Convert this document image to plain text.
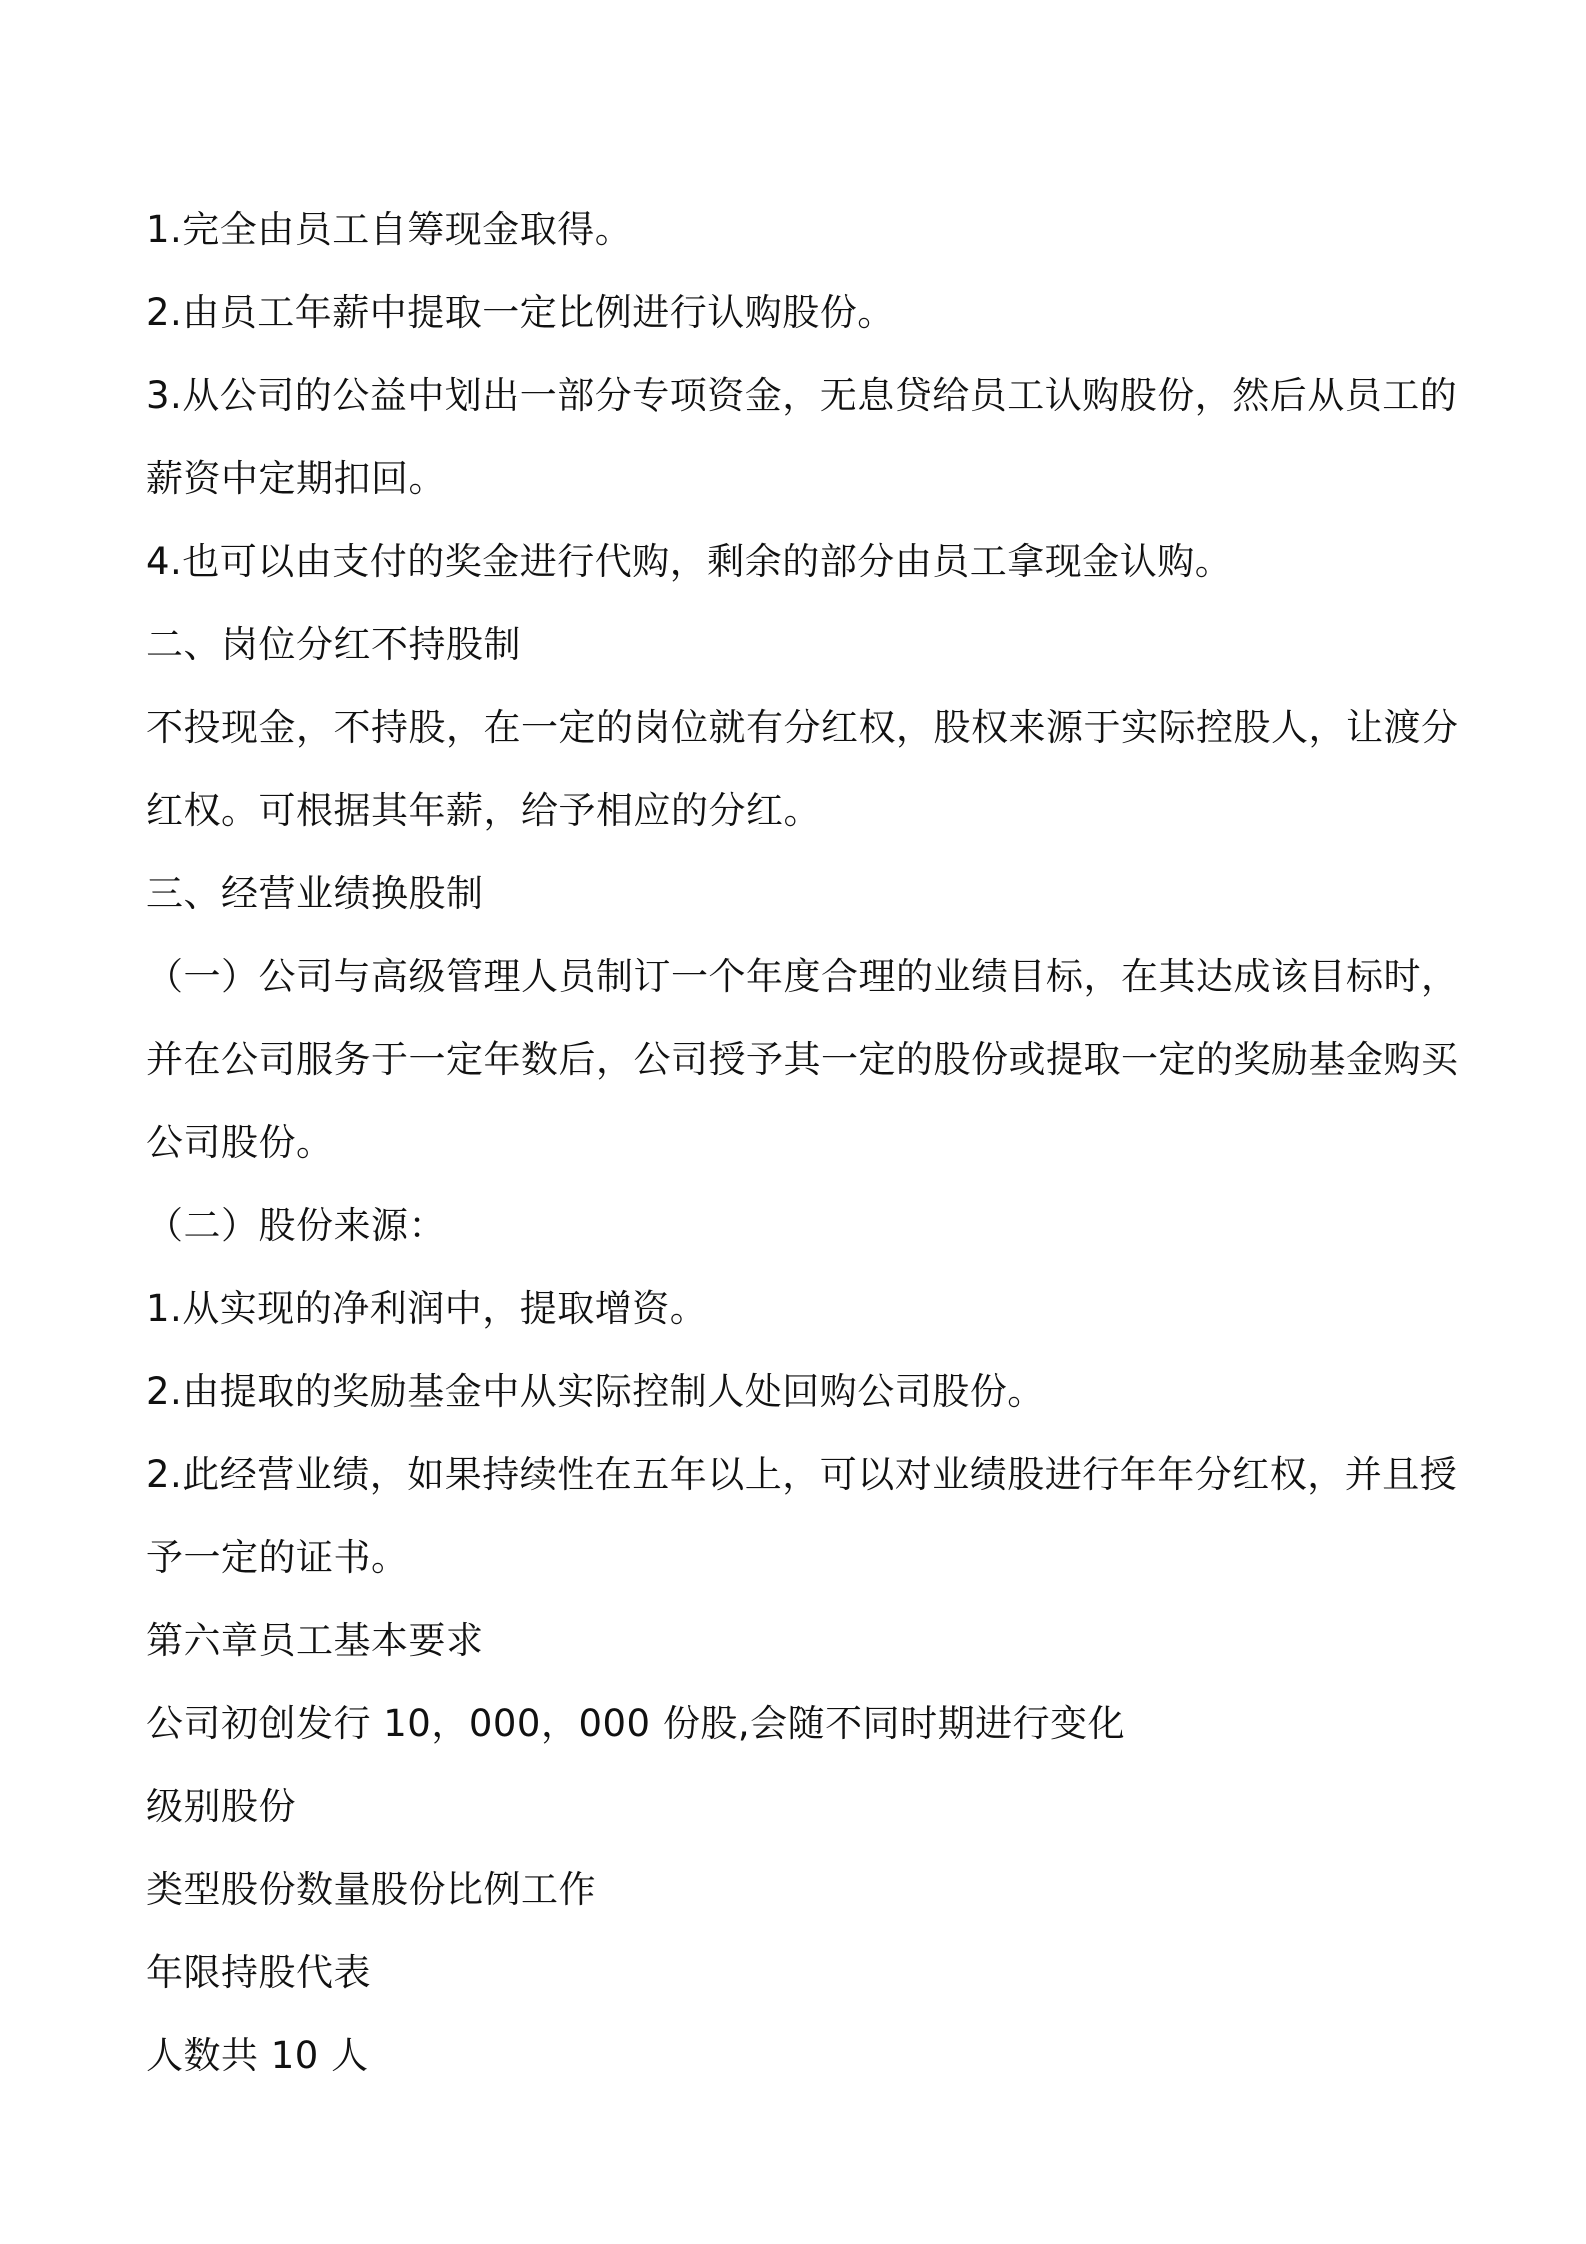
1.完全由员工自筹现金取得。
2.由员工年薪中提取一定比例进行认购股份。
3.从公司的公益中划出一部分专项资金，无息贷给员工认购股份，然后从员工的
薪资中定期扣回。
4.也可以由支付的奖金进行代购，剩余的部分由员工拿现金认购。
二、岗位分红不持股制
不投现金，不持股，在一定的岗位就有分红权，股权来源于实际控股人，让渡分
红权。可根据其年薪，给予相应的分红。
三、经营业绩换股制
（一）公司与高级管理人员制订一个年度合理的业绩目标，在其达成该目标时，
并在公司服务于一定年数后，公司授予其一定的股份或提取一定的奖励基金购买
公司股份。
（二）股份来源：
1.从实现的净利润中，提取增资。
2.由提取的奖励基金中从实际控制人处回购公司股份。
2.此经营业绩，如果持续性在五年以上，可以对业绩股进行年年分红权，并且授
予一定的证书。
第六章员工基本要求
公司初创发行 10，000，000 份股,会随不同时期进行变化
级别股份
类型股份数量股份比例工作
年限持股代表
人数共 10 人
